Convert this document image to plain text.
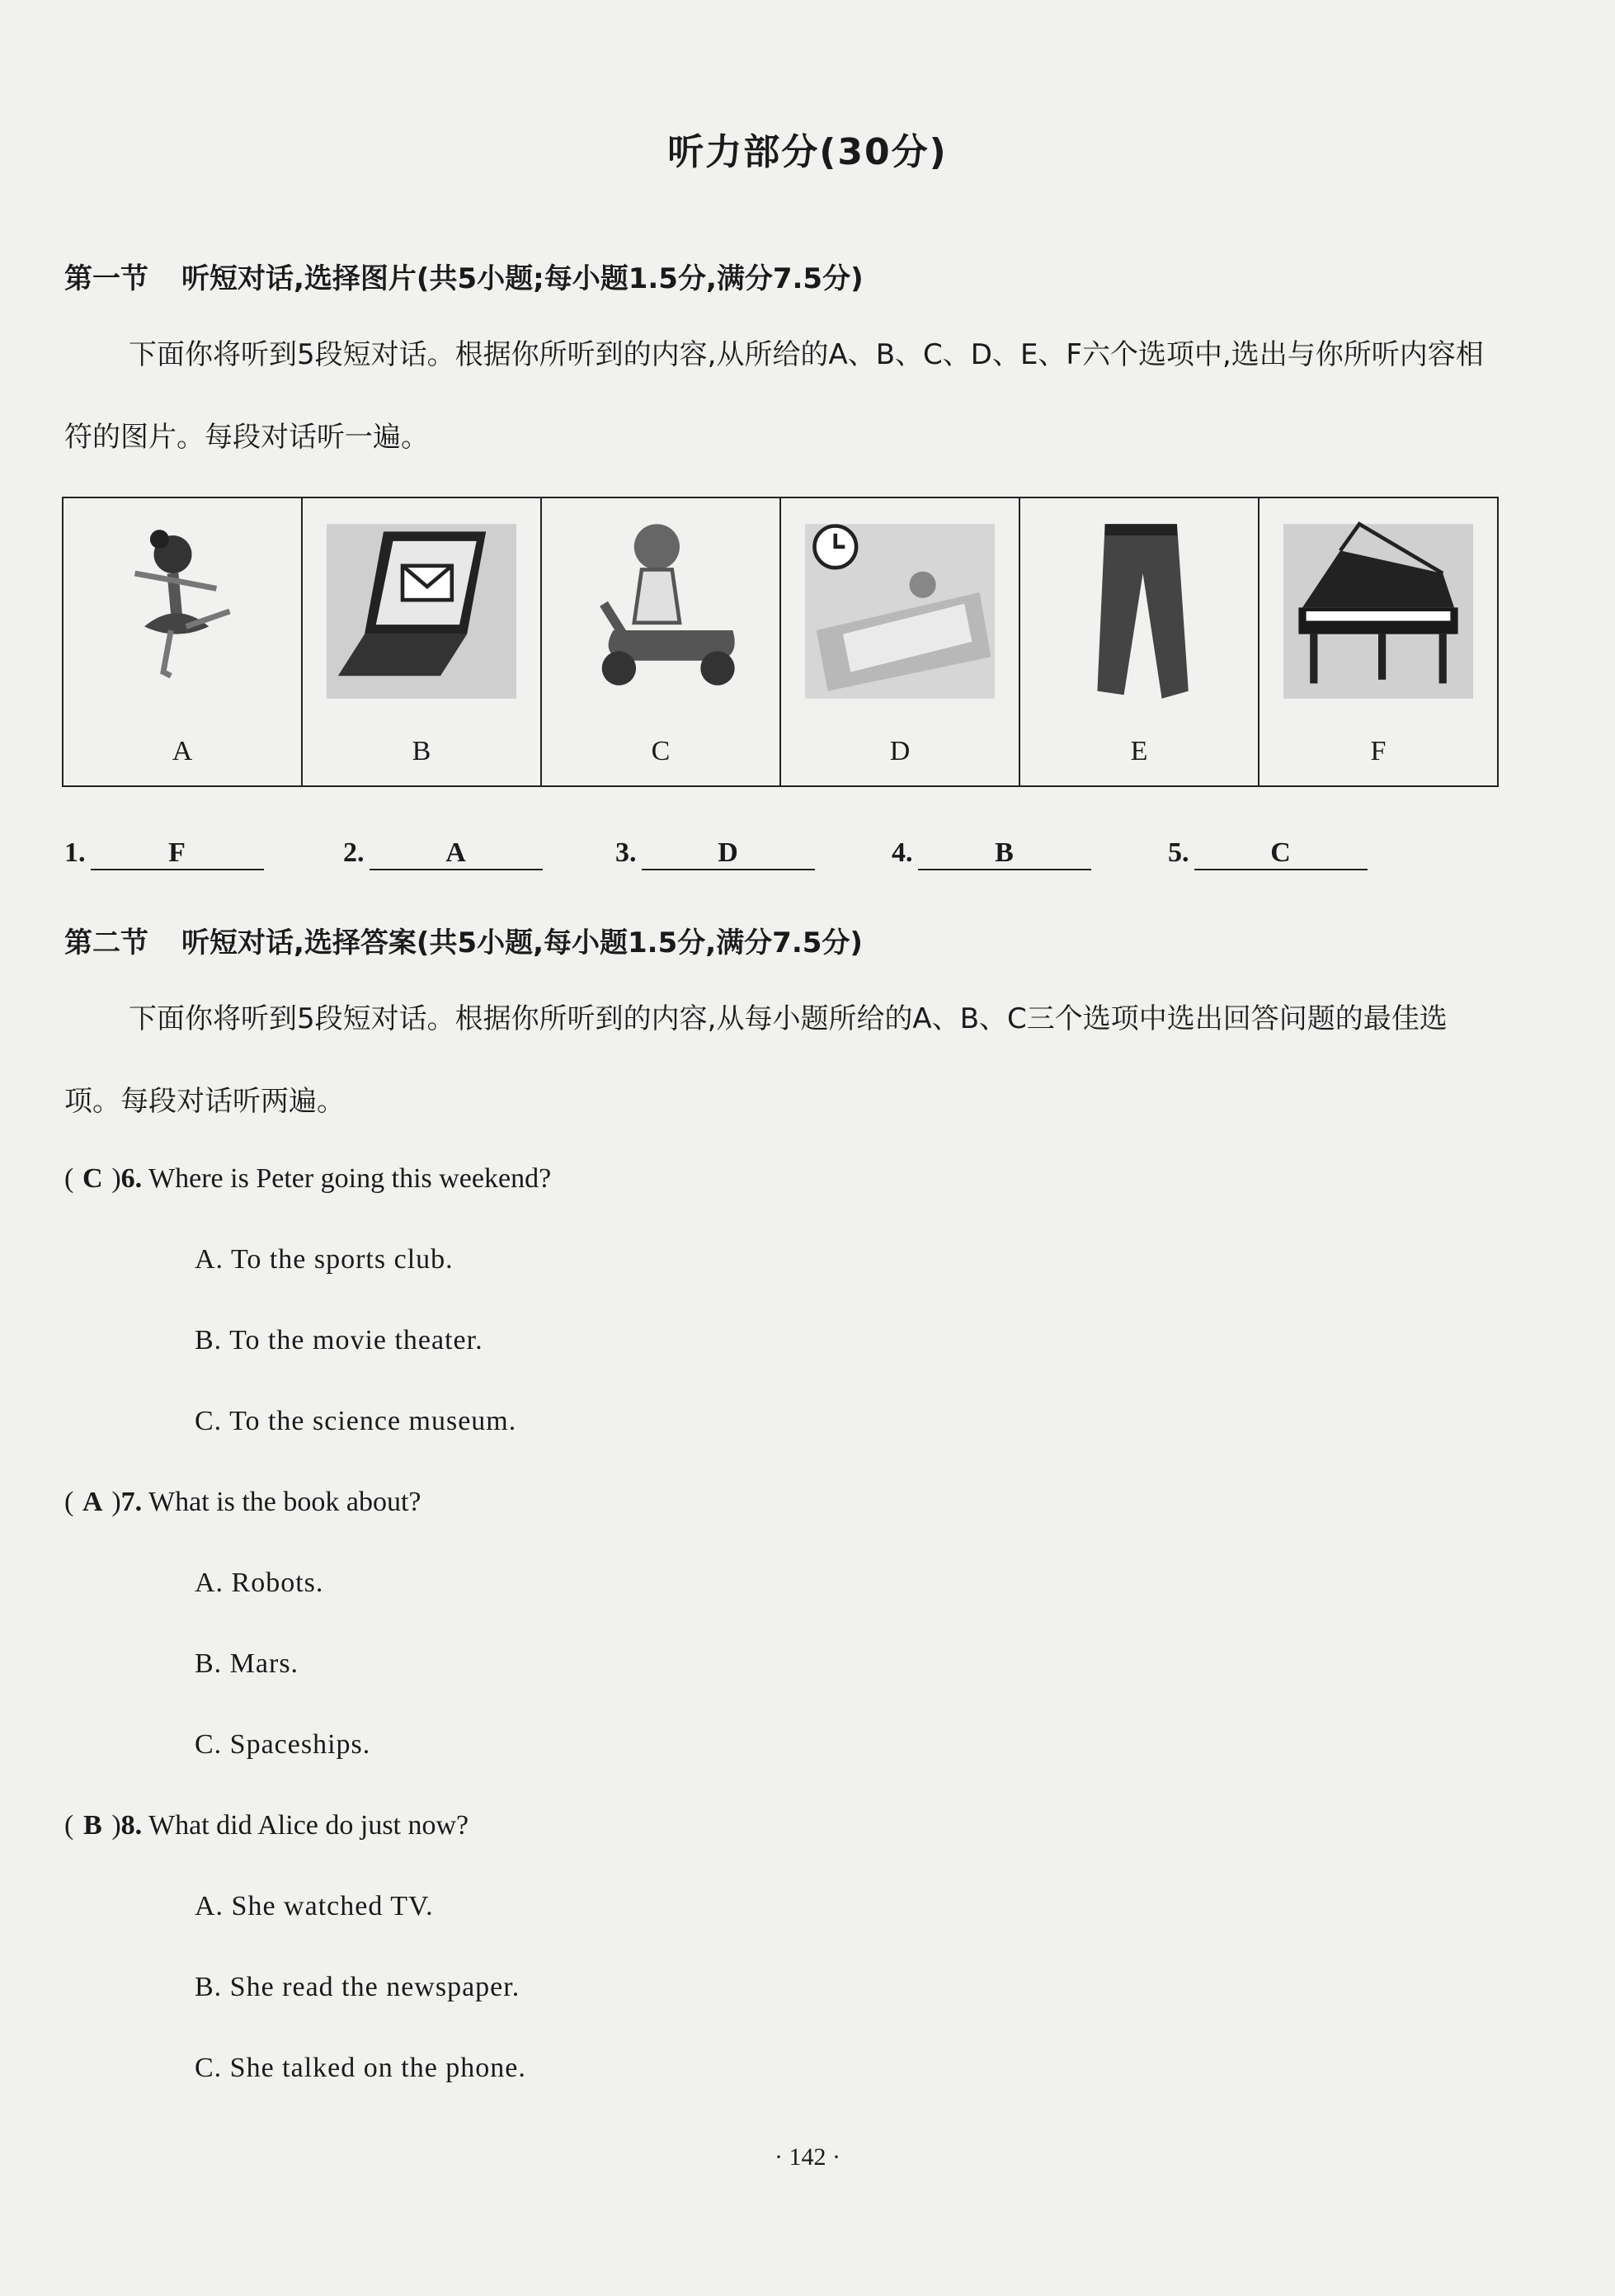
听力部分(30分)
第一节 听短对话,选择图片(共5小题;每小题1.5分,满分7.5分)
下面你将听到5段短对话。根据你所听到的内容,从所给的A、B、C、D、E、F六个选项中,选出与你所听内容相符的图片。每段对话听一遍。
A	B	C	D	E	F
1.	F	2.	A	3.	D	4.	B	5.	C
第二节 听短对话,选择答案(共5小题,每小题1.5分,满分7.5分)
下面你将听到5段短对话。根据你所听到的内容,从每小题所给的A、B、C三个选项中选出回答问题的最佳选项。每段对话听两遍。
( C )6. Where is Peter going this weekend?
A. To the sports club.
B. To the movie theater.
C. To the science museum.
( A )7. What is the book about?
A. Robots.
B. Mars.
C. Spaceships.
( B )8. What did Alice do just now?
A. She watched TV.
B. She read the newspaper.
C. She talked on the phone.
· 142 ·
